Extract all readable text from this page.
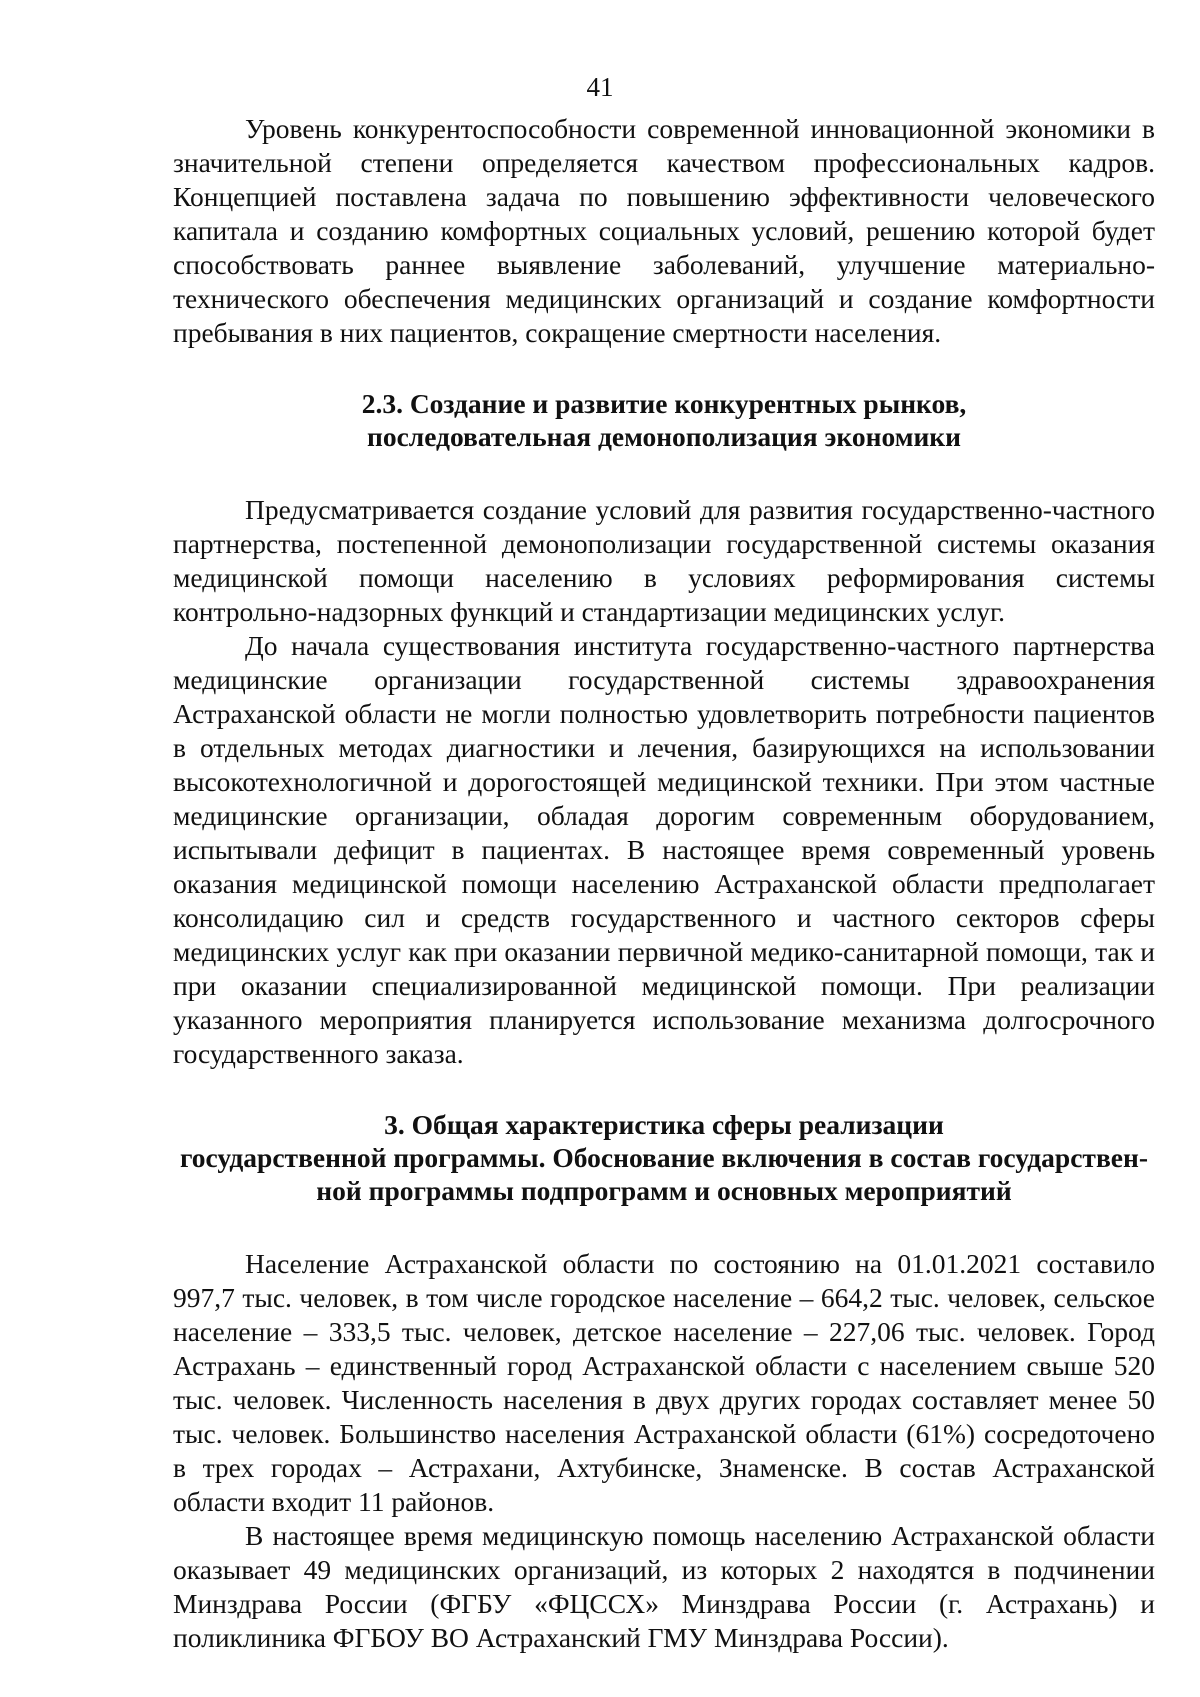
41

Уровень конкурентоспособности современной инновационной экономики в значительной степени определяется качеством профессиональных кадров. Концепцией поставлена задача по повышению эффективности человеческого капитала и созданию комфортных социальных условий, решению которой будет способствовать раннее выявление заболеваний, улучшение материально-технического обеспечения медицинских организаций и создание комфортности пребывания в них пациентов, сокращение смертности населения.

2.3. Создание и развитие конкурентных рынков,
последовательная демонополизация экономики

Предусматривается создание условий для развития государственно-частного партнерства, постепенной демонополизации государственной системы оказания медицинской помощи населению в условиях реформирования системы контрольно-надзорных функций и стандартизации медицинских услуг.

До начала существования института государственно-частного партнерства медицинские организации государственной системы здравоохранения Астраханской области не могли полностью удовлетворить потребности пациентов в отдельных методах диагностики и лечения, базирующихся на использовании высокотехнологичной и дорогостоящей медицинской техники. При этом частные медицинские организации, обладая дорогим современным оборудованием, испытывали дефицит в пациентах. В настоящее время современный уровень оказания медицинской помощи населению Астраханской области предполагает консолидацию сил и средств государственного и частного секторов сферы медицинских услуг как при оказании первичной медико-санитарной помощи, так и при оказании специализированной медицинской помощи. При реализации указанного мероприятия планируется использование механизма долгосрочного государственного заказа.

3. Общая характеристика сферы реализации
государственной программы. Обоснование включения в состав государствен-
ной программы подпрограмм и основных мероприятий

Население Астраханской области по состоянию на 01.01.2021 составило 997,7 тыс. человек, в том числе городское население – 664,2 тыс. человек, сельское население – 333,5 тыс. человек, детское население – 227,06 тыс. человек. Город Астрахань – единственный город Астраханской области с населением свыше 520 тыс. человек. Численность населения в двух других городах составляет менее 50 тыс. человек. Большинство населения Астраханской области (61%) сосредоточено в трех городах – Астрахани, Ахтубинске, Знаменске. В состав Астраханской области входит 11 районов.

В настоящее время медицинскую помощь населению Астраханской области оказывает 49 медицинских организаций, из которых 2 находятся в подчинении Минздрава России (ФГБУ «ФЦССХ» Минздрава России (г. Астрахань) и поликлиника ФГБОУ ВО Астраханский ГМУ Минздрава России).
